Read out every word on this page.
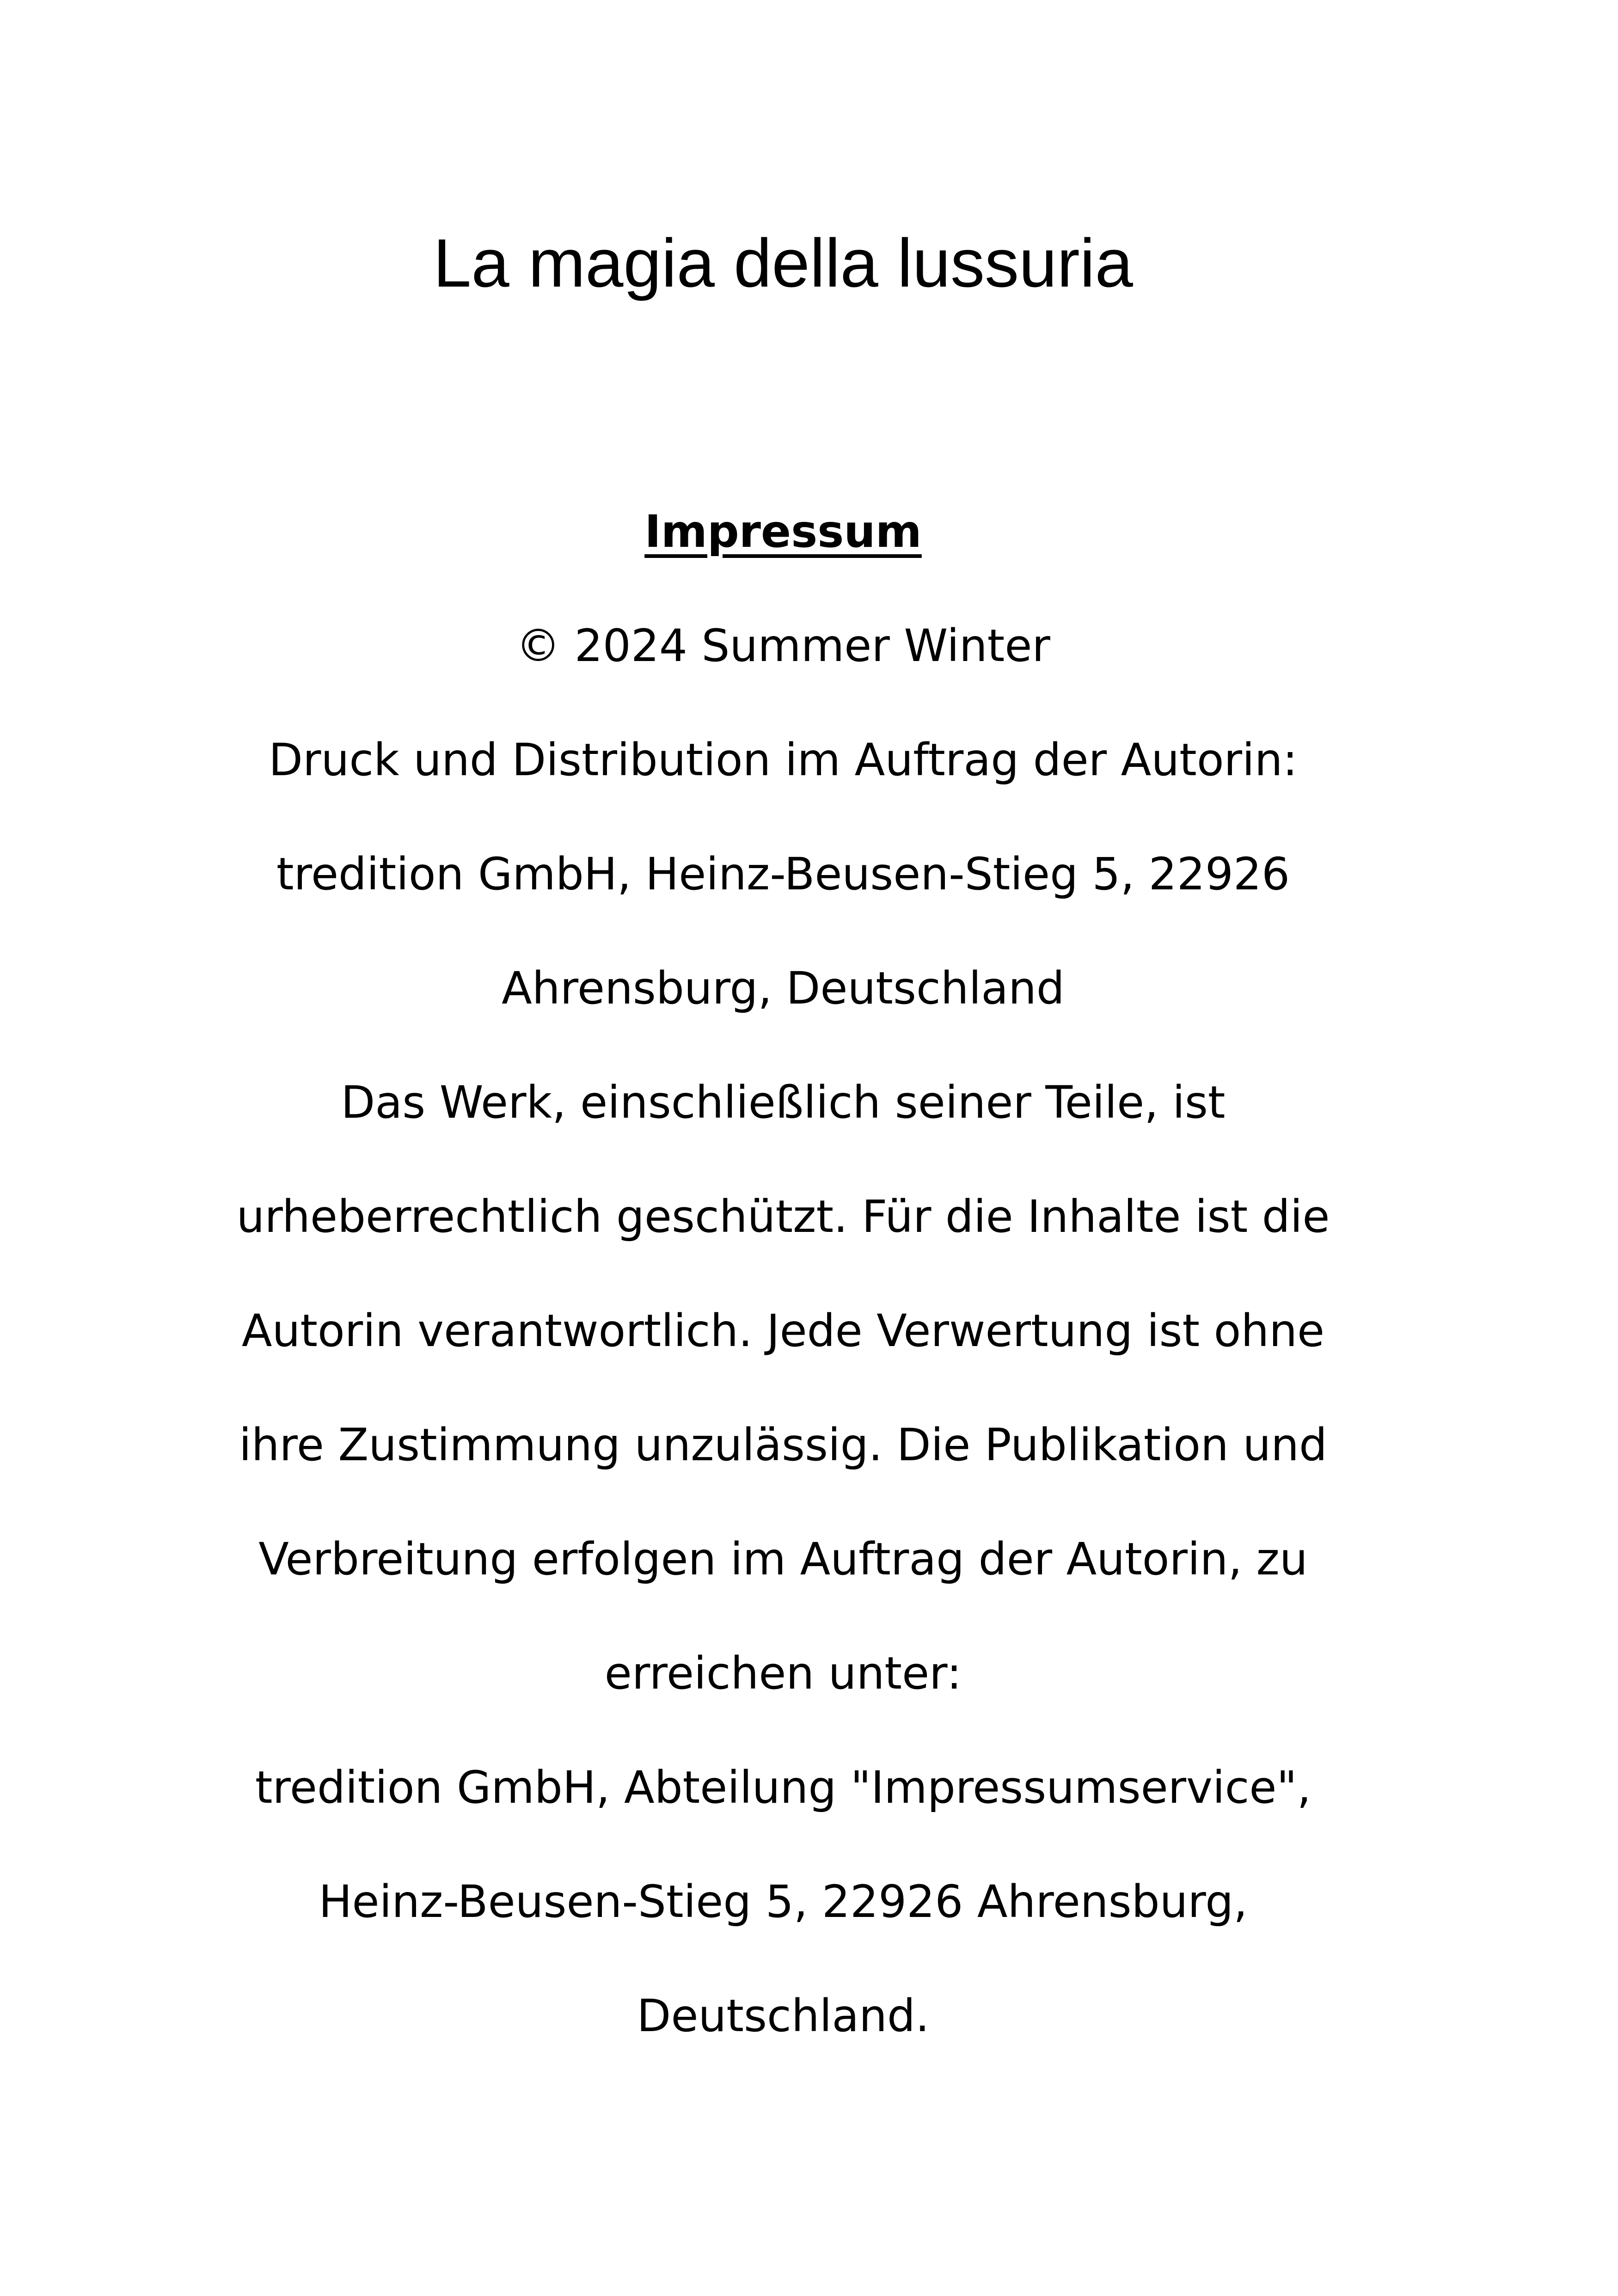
La magia della lussuria
Impressum
© 2024 Summer Winter
Druck und Distribution im Auftrag der Autorin:
tredition GmbH, Heinz-Beusen-Stieg 5, 22926
Ahrensburg, Deutschland
Das Werk, einschließlich seiner Teile, ist
urheberrechtlich geschützt. Für die Inhalte ist die
Autorin verantwortlich. Jede Verwertung ist ohne
ihre Zustimmung unzulässig. Die Publikation und
Verbreitung erfolgen im Auftrag der Autorin, zu
erreichen unter:
tredition GmbH, Abteilung "Impressumservice",
Heinz-Beusen-Stieg 5, 22926 Ahrensburg,
Deutschland.
